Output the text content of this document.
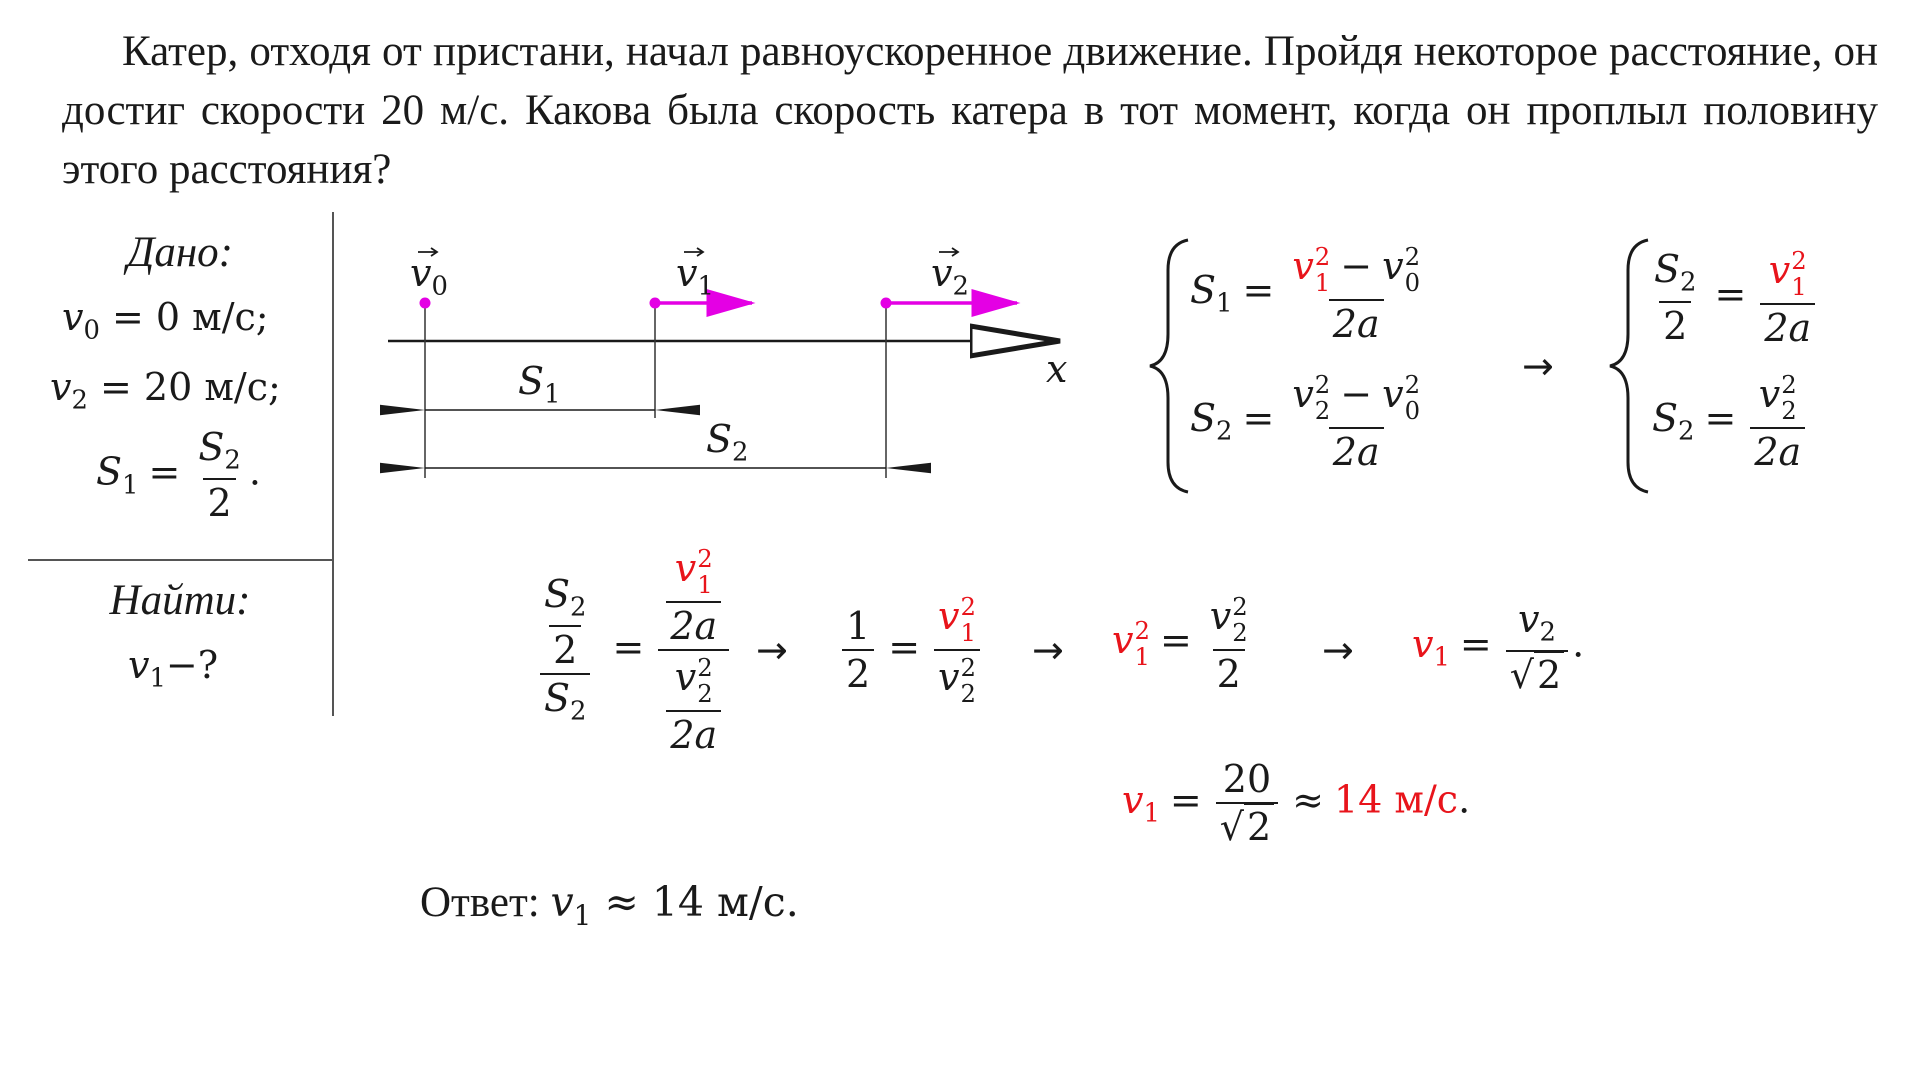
Катер, отходя от пристани, начал равноускоренное движение. Пройдя некоторое расстояние, он достиг скорости 20 м/с. Какова была скорость катера в тот момент, когда он проплыл половину этого расстояния?

Дано:
$v_0 = 0$ м/с;
$v_2 = 20$ м/с;
$S_1 = \frac{S_2}{2}$ .
Найти:
$v_1-$?
$v_0$	$v_1$	$v_2$
x
$S_1$
$S_2$
$S_1 = v$ 2
1 − v 2
0
2a
$S_2 = v$ 2
2 − v 2
0
2a
→
$\frac{S_2}{2} = v$ 2
1
2a
$S_2 = v$ 2
2
2a
$\frac{\frac{S_2}{2}}{S_2} = v$ 2
1
2a
v 2
2
$2a \to \frac{1}{2} = v$ 2
1
v 2
2 → v 2
1 = v 2
2
$2 \to v_1 = \frac{v_2}{√2}$ .
$v_1 = \frac{20}{√2} \approx 14$ м/с.
Ответ: $v_1 \approx 14$ м/с.
